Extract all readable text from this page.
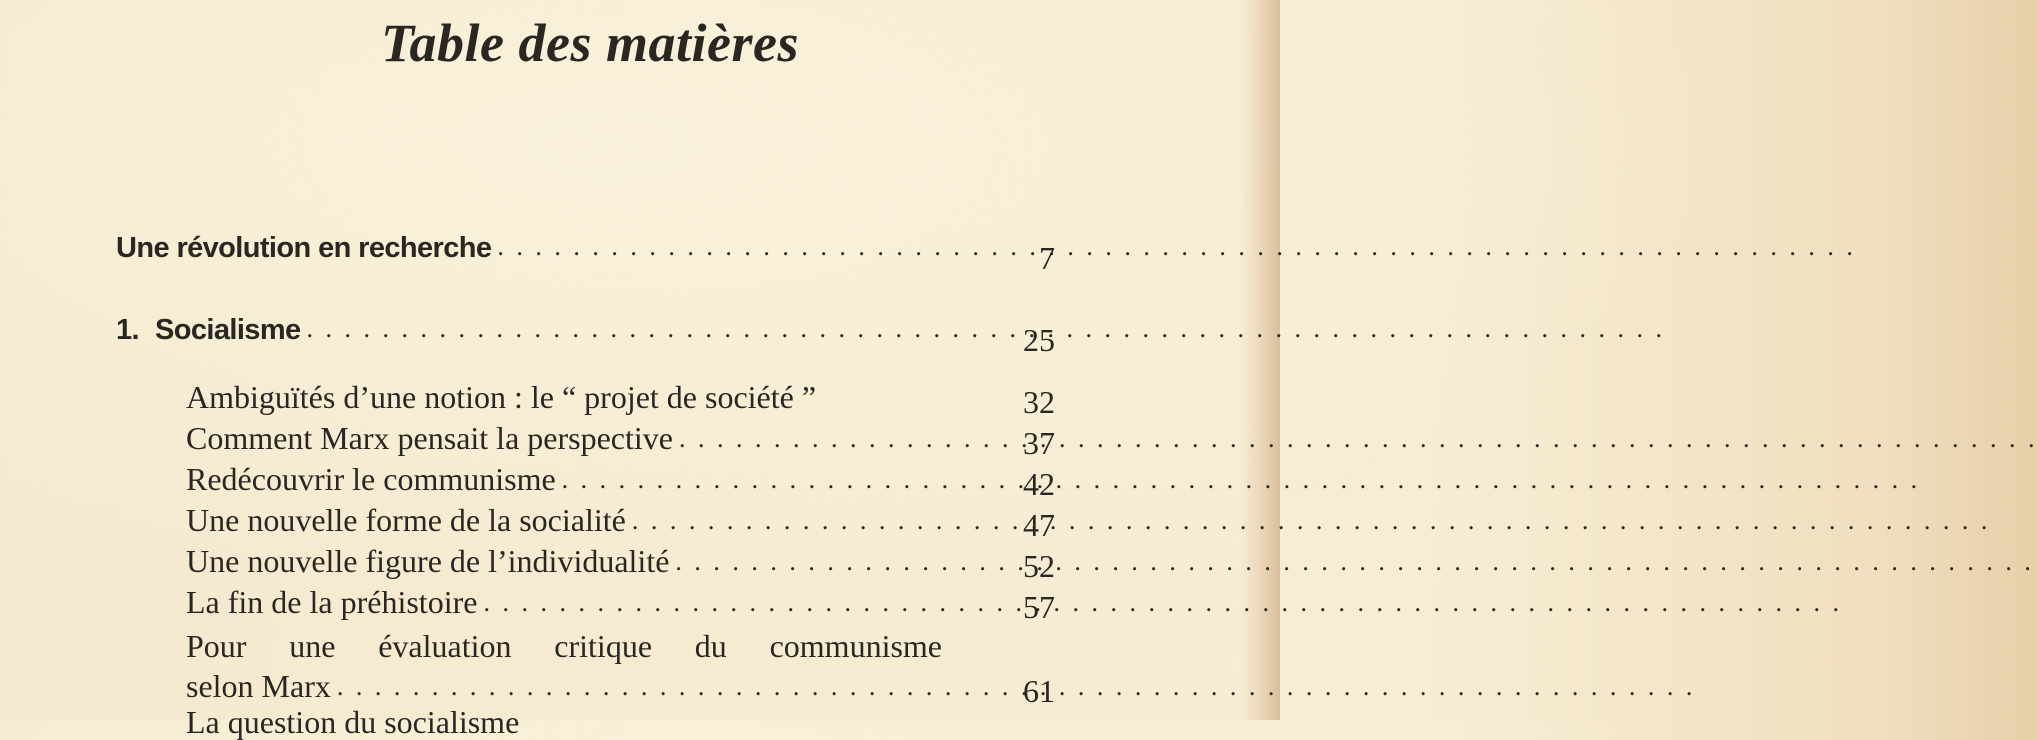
Table des matières
Une révolution en recherche . . .	7
1. Socialisme . . .	25
Ambiguïtés d’une notion : le “ projet de société ”	32
Comment Marx pensait la perspective . . .	37
Redécouvrir le communisme . . .	42
Une nouvelle forme de la socialité . . .	47
Une nouvelle figure de l’individualité . . .	52
La fin de la préhistoire . . .	57
Pour une évaluation critique du communisme
selon Marx . . .	61
La question du socialisme
